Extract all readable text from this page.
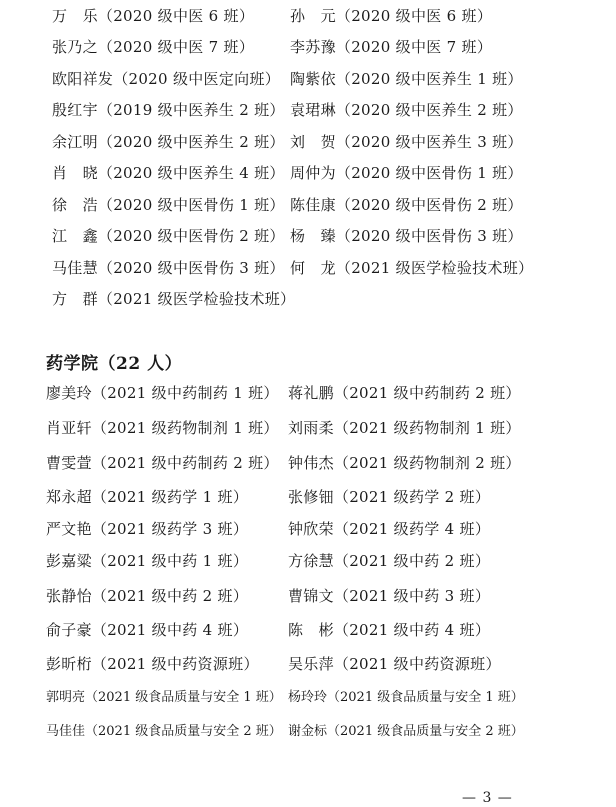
万　乐（2020 级中医 6 班） 孙　元（2020 级中医 6 班）
张乃之（2020 级中医 7 班） 李苏豫（2020 级中医 7 班）
欧阳祥发（2020 级中医定向班） 陶紫依（2020 级中医养生 1 班）
殷红宇（2019 级中医养生 2 班） 袁珺琳（2020 级中医养生 2 班）
余江明（2020 级中医养生 2 班） 刘　贺（2020 级中医养生 3 班）
肖　晓（2020 级中医养生 4 班） 周仲为（2020 级中医骨伤 1 班）
徐　浩（2020 级中医骨伤 1 班） 陈佳康（2020 级中医骨伤 2 班）
江　鑫（2020 级中医骨伤 2 班） 杨　臻（2020 级中医骨伤 3 班）
马佳慧（2020 级中医骨伤 3 班） 何　龙（2021 级医学检验技术班）
方　群（2021 级医学检验技术班）
药学院（22 人）
廖美玲（2021 级中药制药 1 班） 蒋礼鹏（2021 级中药制药 2 班）
肖亚轩（2021 级药物制剂 1 班） 刘雨柔（2021 级药物制剂 1 班）
曹雯萱（2021 级中药制药 2 班） 钟伟杰（2021 级药物制剂 2 班）
郑永超（2021 级药学 1 班）	张修钿（2021 级药学 2 班）
严文艳（2021 级药学 3 班）	钟欣荣（2021 级药学 4 班）
彭嘉粱（2021 级中药 1 班）	方徐慧（2021 级中药 2 班）
张静怡（2021 级中药 2 班）	曹锦文（2021 级中药 3 班）
俞子豪（2021 级中药 4 班）	陈　彬（2021 级中药 4 班）
彭昕桁（2021 级中药资源班） 吴乐萍（2021 级中药资源班）
郭明亮（2021 级食品质量与安全 1 班） 杨玲玲（2021 级食品质量与安全 1 班）
马佳佳（2021 级食品质量与安全 2 班） 谢金标（2021 级食品质量与安全 2 班）
— 3 —
